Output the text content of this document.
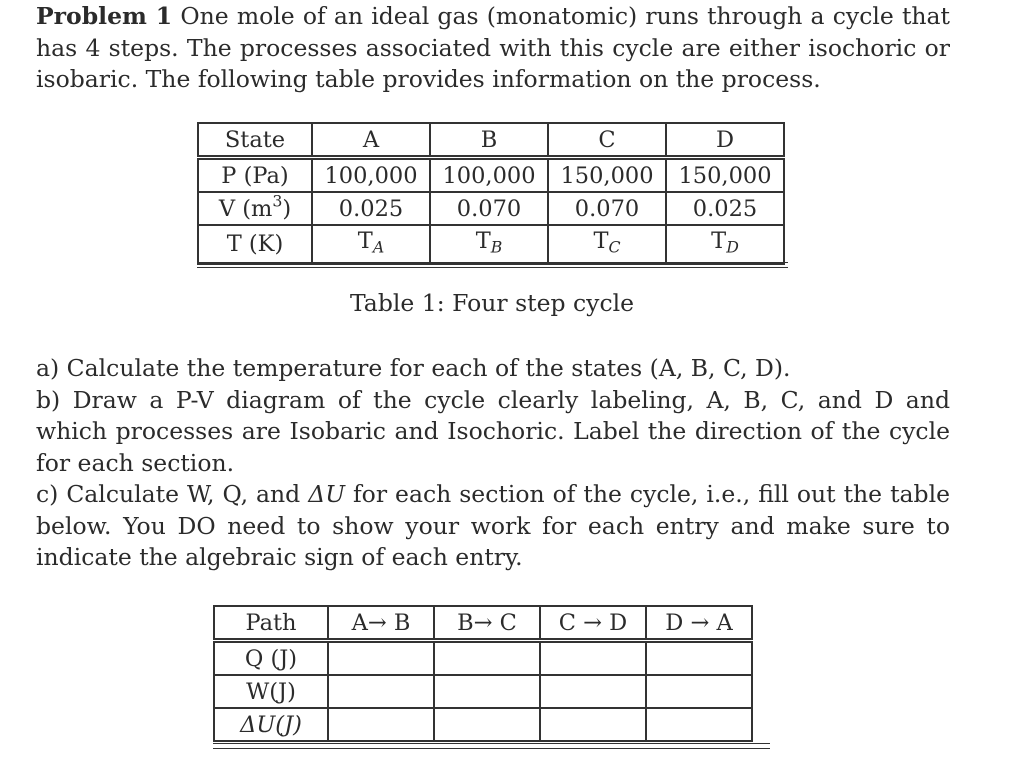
Problem 1 One mole of an ideal gas (monatomic) runs through a cycle that has 4 steps. The processes associated with this cycle are either isochoric or isobaric. The following table provides information on the process.
State	A	B	C	D
P (Pa)	100,000	100,000	150,000	150,000
V $(m^3)$	0.025	0.070	0.070	0.025
T (K)	$T_A$	$T_B$	$T_C$	$T_D$
Table 1: Four step cycle
a) Calculate the temperature for each of the states (A, B, C, D).
b) Draw a P-V diagram of the cycle clearly labeling, A, B, C, and D and which processes are Isobaric and Isochoric. Label the direction of the cycle for each section.
c) Calculate W, Q, and ΔU for each section of the cycle, i.e., fill out the table below. You DO need to show your work for each entry and make sure to indicate the algebraic sign of each entry.
Path	A→ B	B→ C	C → D	D → A
Q (J)				
W(J)				
ΔU(J)				
